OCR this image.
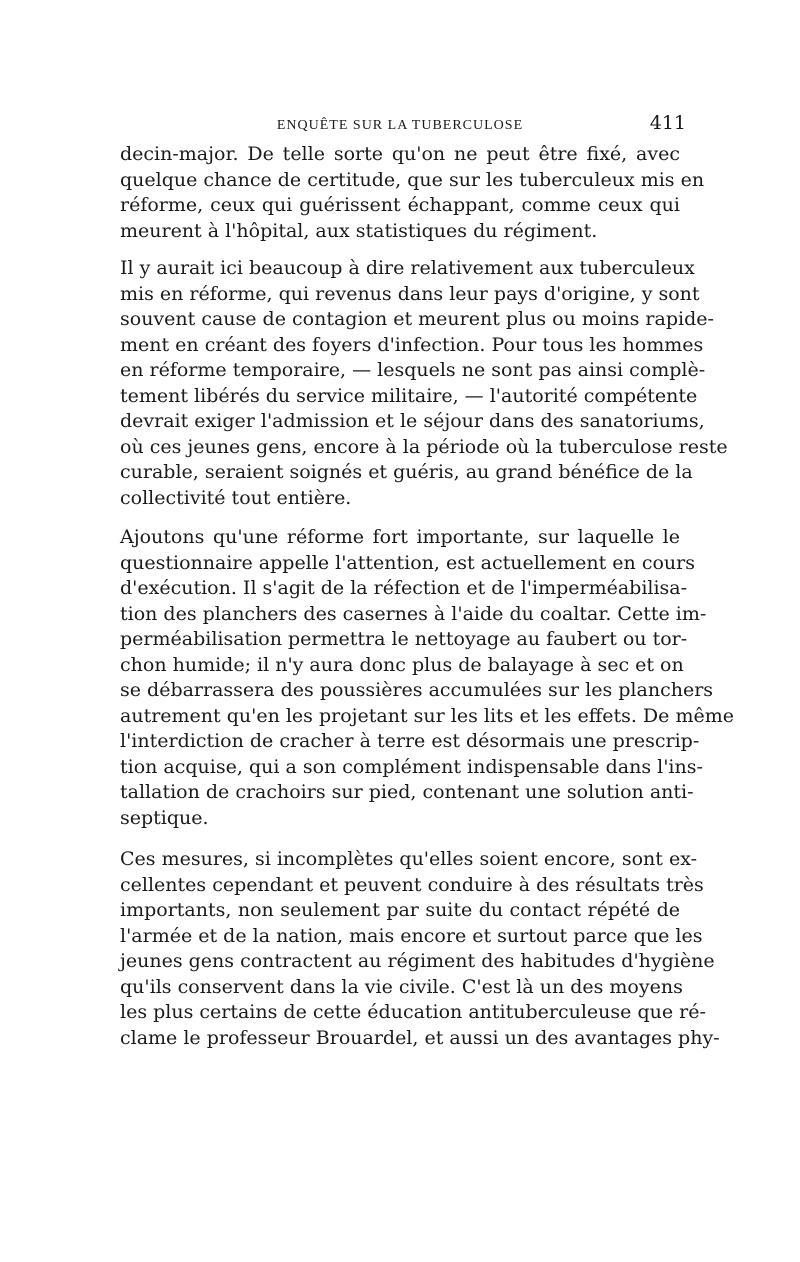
ENQUÊTE SUR LA TUBERCULOSE	411
decin-major. De telle sorte qu'on ne peut être fixé, avec
quelque chance de certitude, que sur les tuberculeux mis en
réforme, ceux qui guérissent échappant, comme ceux qui
meurent à l'hôpital, aux statistiques du régiment.
Il y aurait ici beaucoup à dire relativement aux tuberculeux
mis en réforme, qui revenus dans leur pays d'origine, y sont
souvent cause de contagion et meurent plus ou moins rapide-
ment en créant des foyers d'infection. Pour tous les hommes
en réforme temporaire, — lesquels ne sont pas ainsi complè-
tement libérés du service militaire, — l'autorité compétente
devrait exiger l'admission et le séjour dans des sanatoriums,
où ces jeunes gens, encore à la période où la tuberculose reste
curable, seraient soignés et guéris, au grand bénéfice de la
collectivité tout entière.
Ajoutons qu'une réforme fort importante, sur laquelle le
questionnaire appelle l'attention, est actuellement en cours
d'exécution. Il s'agit de la réfection et de l'imperméabilisa-
tion des planchers des casernes à l'aide du coaltar. Cette im-
perméabilisation permettra le nettoyage au faubert ou tor-
chon humide; il n'y aura donc plus de balayage à sec et on
se débarrassera des poussières accumulées sur les planchers
autrement qu'en les projetant sur les lits et les effets. De même
l'interdiction de cracher à terre est désormais une prescrip-
tion acquise, qui a son complément indispensable dans l'ins-
tallation de crachoirs sur pied, contenant une solution anti-
septique.
Ces mesures, si incomplètes qu'elles soient encore, sont ex-
cellentes cependant et peuvent conduire à des résultats très
importants, non seulement par suite du contact répété de
l'armée et de la nation, mais encore et surtout parce que les
jeunes gens contractent au régiment des habitudes d'hygiène
qu'ils conservent dans la vie civile. C'est là un des moyens
les plus certains de cette éducation antituberculeuse que ré-
clame le professeur Brouardel, et aussi un des avantages phy-
